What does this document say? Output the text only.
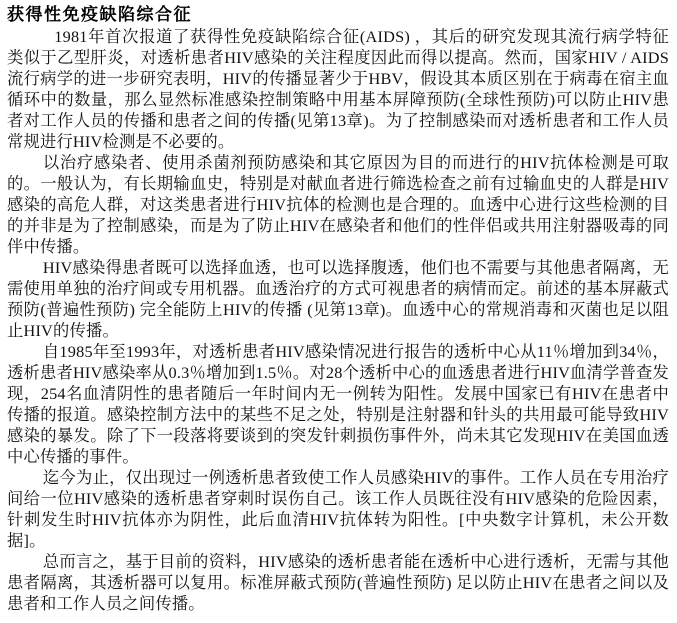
获得性免疫缺陷综合征

1981年首次报道了获得性免疫缺陷综合征(AIDS) ，其后的研究发现其流行病学特征类似于乙型肝炎，对透析患者HIV感染的关注程度因此而得以提高。然而，国家HIV / AIDS流行病学的进一步研究表明，HIV的传播显著少于HBV，假设其本质区别在于病毒在宿主血循环中的数量，那么显然标准感染控制策略中用基本屏障预防(全球性预防)可以防止HIV患者对工作人员的传播和患者之间的传播(见第13章)。为了控制感染而对透析患者和工作人员常规进行HIV检测是不必要的。

以治疗感染者、使用杀菌剂预防感染和其它原因为目的而进行的HIV抗体检测是可取的。一般认为，有长期输血史，特别是对献血者进行筛选检查之前有过输血史的人群是HIV感染的高危人群，对这类患者进行HIV抗体的检测也是合理的。血透中心进行这些检测的目的并非是为了控制感染，而是为了防止HIV在感染者和他们的性伴侣或共用注射器吸毒的同伴中传播。

HIV感染得患者既可以选择血透，也可以选择腹透，他们也不需要与其他患者隔离，无需使用单独的治疗间或专用机器。血透治疗的方式可视患者的病情而定。前述的基本屏蔽式预防(普遍性预防) 完全能防上HIV的传播 (见第13章)。血透中心的常规消毒和灭菌也足以阻止HIV的传播。

自1985年至1993年，对透析患者HIV感染情况进行报告的透析中心从11％增加到34％，透析患者HIV感染率从0.3％增加到1.5％。对28个透析中心的血透患者进行HIV血清学普查发现，254名血清阴性的患者随后一年时间内无一例转为阳性。发展中国家已有HIV在患者中传播的报道。感染控制方法中的某些不足之处，特别是注射器和针头的共用最可能导致HIV感染的暴发。除了下一段落将要谈到的突发针刺损伤事件外，尚未其它发现HIV在美国血透中心传播的事件。

迄今为止，仅出现过一例透析患者致使工作人员感染HIV的事件。工作人员在专用治疗间给一位HIV感染的透析患者穿刺时误伤自己。该工作人员既往没有HIV感染的危险因素，针刺发生时HIV抗体亦为阴性，此后血清HIV抗体转为阳性。[中央数字计算机，未公开数据]。

总而言之，基于目前的资料，HIV感染的透析患者能在透析中心进行透析，无需与其他患者隔离，其透析器可以复用。标准屏蔽式预防(普遍性预防) 足以防止HIV在患者之间以及患者和工作人员之间传播。
